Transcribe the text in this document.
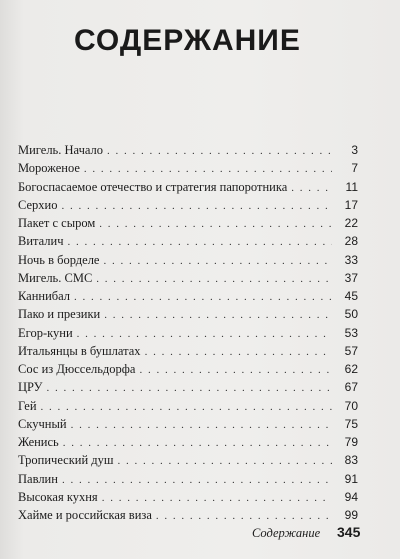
СОДЕРЖАНИЕ
Мигель. Начало . . .	3
Мороженое . . .	7
Богоспасаемое отечество и стратегия папоротника . . .	11
Серхио . . .	17
Пакет с сыром . . .	22
Виталич . . .	28
Ночь в борделе . . .	33
Мигель. СМС . . .	37
Каннибал . . .	45
Пако и презики . . .	50
Егор-куни . . .	53
Итальянцы в бушлатах . . .	57
Сос из Дюссельдорфа . . .	62
ЦРУ . . .	67
Гей . . .	70
Скучный . . .	75
Женись . . .	79
Тропический душ . . .	83
Павлин . . .	91
Высокая кухня . . .	94
Хайме и российская виза . . .	99
Содержание 345
